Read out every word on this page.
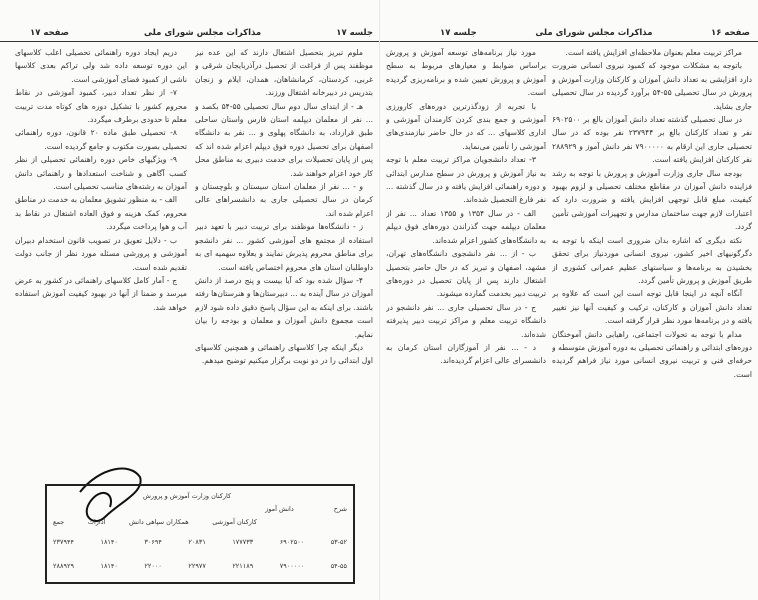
جلسه ۱۷
مذاکرات مجلس شورای ملی
صفحه ۱۷

ملوم تبریز بتحصیل اشتغال دارند که این عده نیز موظفند پس از فراغت از تحصیل درآذربایجان شرقی و غربی، کردستان، کرمانشاهان، همدان، ایلام و زنجان بتدریس در دبیرخانه اشتغال ورزند.

هـ - از ابتدای سال دوم سال تحصیلی ۵۵-۵۴ بکصد و ... نفر از معلمان دیپلمه استان فارس واستان ساحلی طبق قرارداد، به دانشگاه پهلوی و ... نفر به دانشگاه اصفهان برای تحصیل دوره فوق دیپلم اعزام شده اند که پس از پایان تحصیلات برای خدمت دبیری به مناطق محل کار خود اعزام خواهند شد.

و - ... نفر از معلمان استان سیستان و بلوچستان و کرمان در سال تحصیلی جاری به دانشسراهای عالی اعزام شده اند.

ز - دانشگاه‌ها موظفند برای تربیت دبیر با تعهد دبیر استفاده از مجتمع های آموزشی کشور ... نفر دانشجو برای مناطق محروم پذیرش نمایند و بعلاوه سهمیه ای به داوطلبان استان های محروم اختصاص یافته است.

۴- سؤال شده بود که آیا بیست و پنج درصد از دانش آموزان در سال آینده به ... دبیرستان‌ها و هنرستان‌ها رفته باشند. برای اینکه به این سؤال پاسخ دقیق داده شود لازم است مجموع دانش آموزان و معلمان و بودجه را بیان نمایم.

دیگر اینکه چرا کلاسهای راهنمائی و همچنین کلاسهای اول ابتدائی را در دو نوبت برگزار میکنیم توضیح میدهم.

دریم ایجاد دوره راهنمائی تحصیلی اعلب کلاسهای این دوره توسعه داده شد ولی تراکم بعدی کلاسها ناشی از کمبود فضای آموزشی است.

۷- از نظر تعداد دبیر، کمبود آموزشی در نقاط محروم کشور با تشکیل دوره های کوتاه مدت تربیت معلم تا حدودی برطرف میگردد.

۸- تحصیلی طبق ماده ۲۰ قانون، دوره راهنمائی تحصیلی بصورت مکتوب و جامع گردیده است.

۹- ویژگیهای خاص دوره راهنمائی تحصیلی از نظر کسب آگاهی و شناخت استعدادها و راهنمائی دانش آموزان به رشته‌های مناسب تحصیلی است.

الف - به منظور تشویق معلمان به خدمت در مناطق محروم، کمک هزینه و فوق العاده اشتغال در نقاط بد آب و هوا پرداخت میگردد.

ب - دلایل تعویق در تصویب قانون استخدام دبیران آموزشی و پرورشی مسئله مورد نظر از جانب دولت تقدیم شده است.

ج - آمار کامل کلاسهای راهنمائی در کشور به عرض میرسد و ضمنا از آنها در بهبود کیفیت آموزش استفاده خواهد شد.

کارکنان وزارت آموزش و پرورش
شرح
دانش آموز
کارکنان آموزشی
همکاران سپاهی دانش
ادارات
جمع
۵۳-۵۲
۶۹۰۲۵۰۰
۱۷۷۷۳۳
۲۰۸۳۱
۳۰۶۹۴
۱۸۱۴۰
۲۳۷۹۴۴
۵۴-۵۵
۷۹۰۰۰۰۰
۲۲۱۱۸۹
۲۲۹۷۷
۲۲۰۰۰
۱۸۱۴۰
۲۸۸۹۲۹
صفحه ۱۶
مذاکرات مجلس شورای ملی
جلسه ۱۷

مراکز تربیت معلم بعنوان ملاحظه‌ای افزایش یافته است.

باتوجه به مشکلات موجود که کمبود نیروی انسانی ضرورت دارد افزایشی به تعداد دانش آموزان و کارکنان وزارت آموزش و پرورش در سال تحصیلی ۵۵-۵۴ برآورد گردیده در سال تحصیلی جاری بشاید.

در سال تحصیلی گذشته تعداد دانش آموزان بالغ بر ۶۹۰۲۵۰۰ نفر و تعداد کارکنان بالغ بر ۲۳۷۹۴۴ نفر بوده که در سال تحصیلی جاری این ارقام به ۷۹۰۰۰۰۰ نفر دانش آموز و ۲۸۸۹۲۹ نفر کارکنان افزایش یافته است.

بودجه سال جاری وزارت آموزش و پرورش با توجه به رشد فزاینده دانش آموزان در مقاطع مختلف تحصیلی و لزوم بهبود کیفیت، مبلغ قابل توجهی افزایش یافته و ضرورت دارد که اعتبارات لازم جهت ساختمان مدارس و تجهیزات آموزشی تأمین گردد.

نکته دیگری که اشاره بدان ضروری است اینکه با توجه به دگرگونیهای اخیر کشور، نیروی انسانی موردنیاز برای تحقق بخشیدن به برنامه‌ها و سیاستهای عظیم عمرانی کشوری از طریق آموزش و پرورش تأمین گردد.

آنگاه آنچه در اینجا قابل توجه است این است که علاوه بر تعداد دانش آموزان و کارکنان، ترکیب و کیفیت آنها نیز تغییر یافته و در برنامه‌ها مورد نظر قرار گرفته است.

مدام با توجه به تحولات اجتماعی، راهیابی دانش آموختگان دوره‌های ابتدائی و راهنمائی تحصیلی به دوره آموزش متوسطه و حرفه‌ای فنی و تربیت نیروی انسانی مورد نیاز فراهم گردیده است.

مورد نیاز برنامه‌های توسعه آموزش و پرورش براساس ضوابط و معیارهای مربوط به سطح آموزش و پرورش تعیین شده و برنامه‌ریزی گردیده است.

با تجربه از زودگذرترین دوره‌های کارورزی آموزشی و جمع بندی کردن کارمندان آموزشی و اداری کلاسهای ... که در حال حاضر نیازمندی‌های آموزشی را تأمین می‌نماید.

۳- تعداد دانشجویان مراکز تربیت معلم با توجه به نیاز آموزش و پرورش در سطح مدارس ابتدائی و دوره راهنمائی افزایش یافته و در سال گذشته ... نفر فارغ التحصیل شده‌اند.

الف - در سال ۱۳۵۴ و ۱۳۵۵ تعداد ... نفر از معلمان دیپلمه جهت گذراندن دوره‌های فوق دیپلم به دانشگاه‌های کشور اعزام شده‌اند.

ب - از ... نفر دانشجوی دانشگاه‌های تهران، مشهد، اصفهان و تبریز که در حال حاضر بتحصیل اشتغال دارند پس از پایان تحصیل در دوره‌های تربیت دبیر بخدمت گمارده میشوند.

ج - در سال تحصیلی جاری ... نفر دانشجو در دانشگاه تربیت معلم و مراکز تربیت دبیر پذیرفته شده‌اند.

د - ... نفر از آموزگاران استان کرمان به دانشسرای عالی اعزام گردیده‌اند.
